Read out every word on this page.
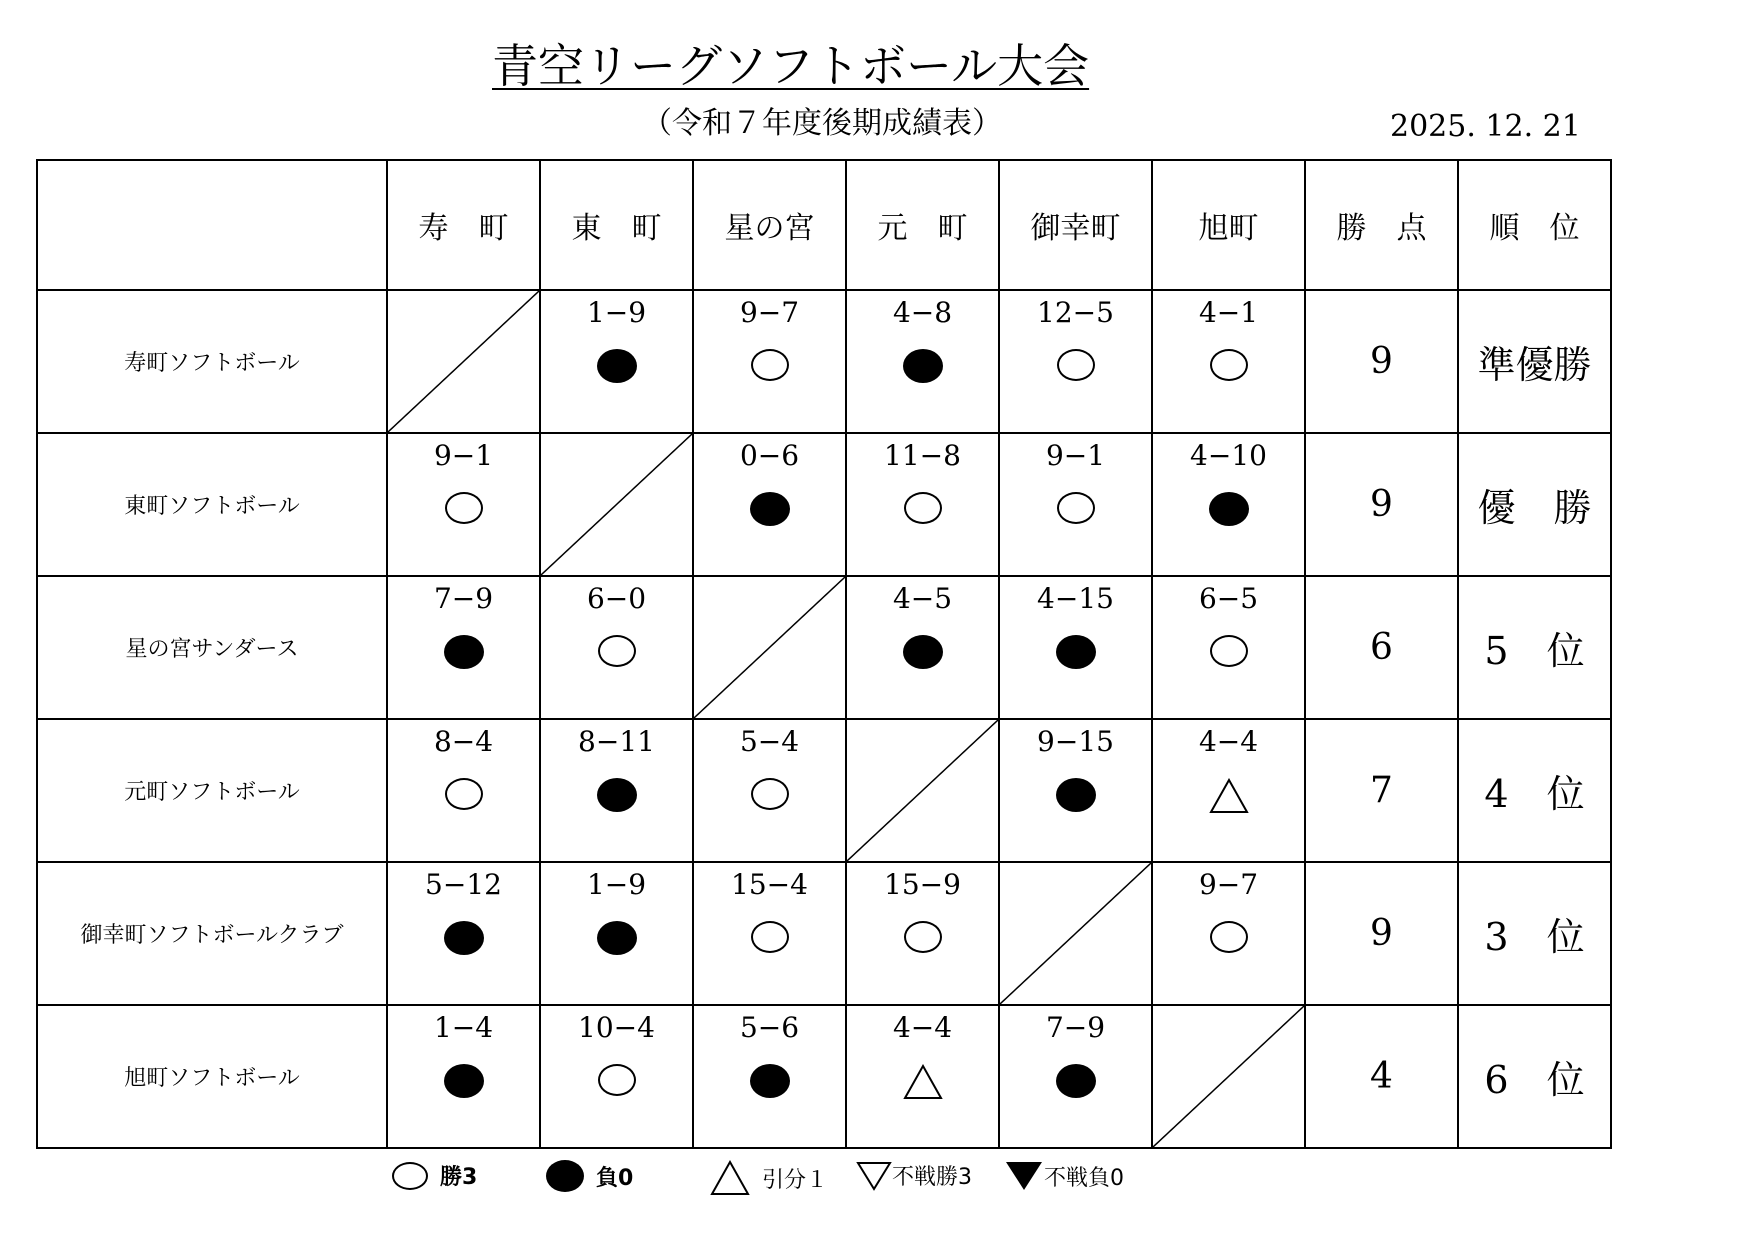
青空リーグソフトボール大会
（令和７年度後期成績表）	2025. 12. 21
	寿　町	東　町	星の宮	元　町	御幸町	旭町	勝　点	順　位
寿町ソフトボール		1−9	9−7	4−8	12−5	4−1	9	準優勝
東町ソフトボール	9−1		0−6	11−8	9−1	4−10	9	優　勝
星の宮サンダース	7−9	6−0		4−5	4−15	6−5	6	5　位
元町ソフトボール	8−4	8−11	5−4		9−15	4−4	7	4　位
御幸町ソフトボールクラブ	5−12	1−9	15−4	15−9		9−7	9	3　位
旭町ソフトボール	1−4	10−4	5−6	4−4	7−9		4	6　位
勝3	負0	引分１	不戦勝3	不戦負0
